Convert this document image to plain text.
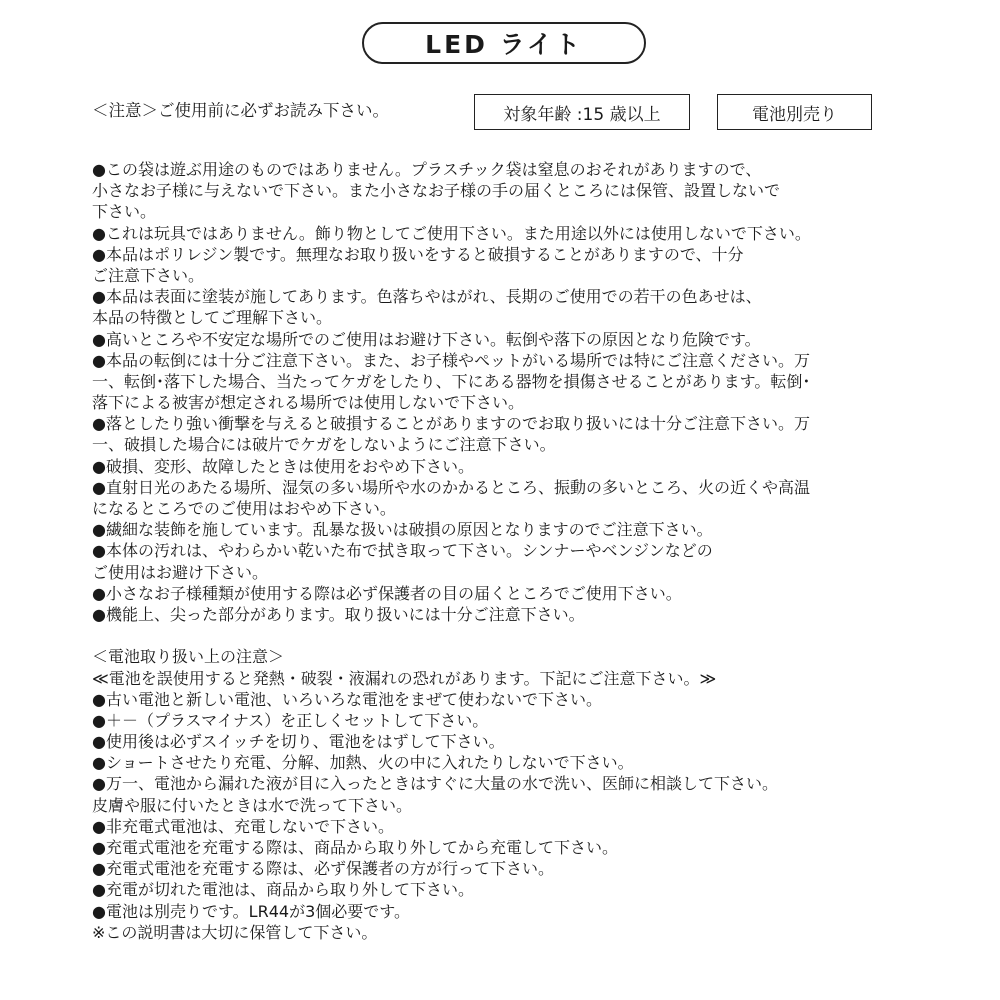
LED ライト
＜注意＞ご使用前に必ずお読み下さい。	対象年齢 :15 歳以上	電池別売り
●この袋は遊ぶ用途のものではありません。プラスチック袋は窒息のおそれがありますので、
小さなお子様に与えないで下さい。また小さなお子様の手の届くところには保管、設置しないで
下さい。
●これは玩具ではありません。飾り物としてご使用下さい。また用途以外には使用しないで下さい。
●本品はポリレジン製です。無理なお取り扱いをすると破損することがありますので、十分
ご注意下さい。
●本品は表面に塗装が施してあります。色落ちやはがれ、長期のご使用での若干の色あせは、
本品の特徴としてご理解下さい。
●高いところや不安定な場所でのご使用はお避け下さい。転倒や落下の原因となり危険です。
●本品の転倒には十分ご注意下さい。また、お子様やペットがいる場所では特にご注意ください。万
一、転倒･落下した場合、当たってケガをしたり、下にある器物を損傷させることがあります。転倒･
落下による被害が想定される場所では使用しないで下さい。
●落としたり強い衝撃を与えると破損することがありますのでお取り扱いには十分ご注意下さい。万
一、破損した場合には破片でケガをしないようにご注意下さい。
●破損、変形、故障したときは使用をおやめ下さい。
●直射日光のあたる場所、湿気の多い場所や水のかかるところ、振動の多いところ、火の近くや高温
になるところでのご使用はおやめ下さい。
●繊細な装飾を施しています。乱暴な扱いは破損の原因となりますのでご注意下さい。
●本体の汚れは、やわらかい乾いた布で拭き取って下さい。シンナーやベンジンなどの
ご使用はお避け下さい。
●小さなお子様種類が使用する際は必ず保護者の目の届くところでご使用下さい。
●機能上、尖った部分があります。取り扱いには十分ご注意下さい。
＜電池取り扱い上の注意＞
≪電池を誤使用すると発熱・破裂・液漏れの恐れがあります。下記にご注意下さい。≫
●古い電池と新しい電池、いろいろな電池をまぜて使わないで下さい。
●＋－（プラスマイナス）を正しくセットして下さい。
●使用後は必ずスイッチを切り、電池をはずして下さい。
●ショートさせたり充電、分解、加熱、火の中に入れたりしないで下さい。
●万一、電池から漏れた液が目に入ったときはすぐに大量の水で洗い、医師に相談して下さい。
皮膚や服に付いたときは水で洗って下さい。
●非充電式電池は、充電しないで下さい。
●充電式電池を充電する際は、商品から取り外してから充電して下さい。
●充電式電池を充電する際は、必ず保護者の方が行って下さい。
●充電が切れた電池は、商品から取り外して下さい。
●電池は別売りです。LR44が3個必要です。
※この説明書は大切に保管して下さい。
